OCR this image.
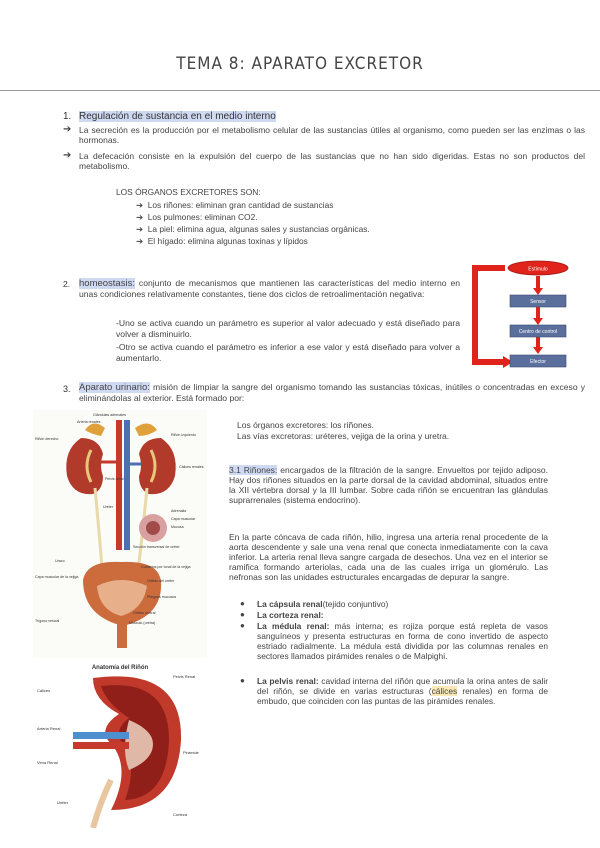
TEMA 8: APARATO EXCRETOR
1. Regulación de sustancia en el medio interno
➔ La secreción es la producción por el metabolismo celular de las sustancias útiles al organismo, como pueden ser las enzimas o las hormonas.
➔ La defecación consiste en la expulsión del cuerpo de las sustancias que no han sido digeridas. Estas no son productos del metabolismo.
LOS ÓRGANOS EXCRETORES SON:
➔ Los riñones: eliminan gran cantidad de sustancias
➔ Los pulmones: eliminan CO2.
➔ La piel: elimina agua, algunas sales y sustancias orgánicas.
➔ El hígado: elimina algunas toxinas y lípidos
2. homeostasis: conjunto de mecanismos que mantienen las características del medio interno en unas condiciones relativamente constantes, tiene dos ciclos de retroalimentación negativa:
-Uno se activa cuando un parámetro es superior al valor adecuado y está diseñado para volver a disminuirlo.
-Otro se activa cuando el parámetro es inferior a ese valor y está diseñado para volver a aumentarlo.
Estímulo
Sensor
Centro de control
Efector
3. Aparato urinario: misión de limpiar la sangre del organismo tomando las sustancias tóxicas, inútiles o concentradas en exceso y eliminándolas al exterior. Está formado por:
Glándulas adrenales
Arteria renales
Riñón izquierdo
Riñón derecho
Cálices renales
Pelvis renal
Uréter
Adrenalia
Capa muscular
Mucosa
Sección transversal de uréter
Uraco
Cubiertos por tonal de la vejiga
Capa muscular de la vejiga
Orificio del uréter
Pliegues mucosos
Trígono vesical
Orificio uretral
Músculo (uretra)
Anatomía del Riñón
Cálices
Pelvis Renal
Arteria Renal
Vena Renal
Pirámide
Uréter
Corteza
Los órganos excretores: los riñones.
Las vías excretoras: uréteres, vejiga de la orina y uretra.
3.1 Riñones: encargados de la filtración de la sangre. Envueltos por tejido adiposo. Hay dos riñones situados en la parte dorsal de la cavidad abdominal, situados entre la XII vértebra dorsal y la III lumbar. Sobre cada riñón se encuentran las glándulas suprarrenales (sistema endocrino).
En la parte cóncava de cada riñón, hilio, ingresa una arteria renal procedente de la aorta descendente y sale una vena renal que conecta inmediatamente con la cava inferior. La arteria renal lleva sangre cargada de desechos. Una vez en el interior se ramifica formando arteriolas, cada una de las cuales irriga un glomérulo. Las nefronas son las unidades estructurales encargadas de depurar la sangre.
●	La cápsula renal(tejido conjuntivo)
●	La corteza renal:
●	La médula renal: más interna; es rojiza porque está repleta de vasos sanguíneos y presenta estructuras en forma de cono invertido de aspecto estriado radialmente. La médula está dividida por las columnas renales en sectores llamados pirámides renales o de Malpighi.
●	La pelvis renal: cavidad interna del riñón que acumula la orina antes de salir del riñón, se divide en varias estructuras (cálices renales) en forma de embudo, que coinciden con las puntas de las pirámides renales.
